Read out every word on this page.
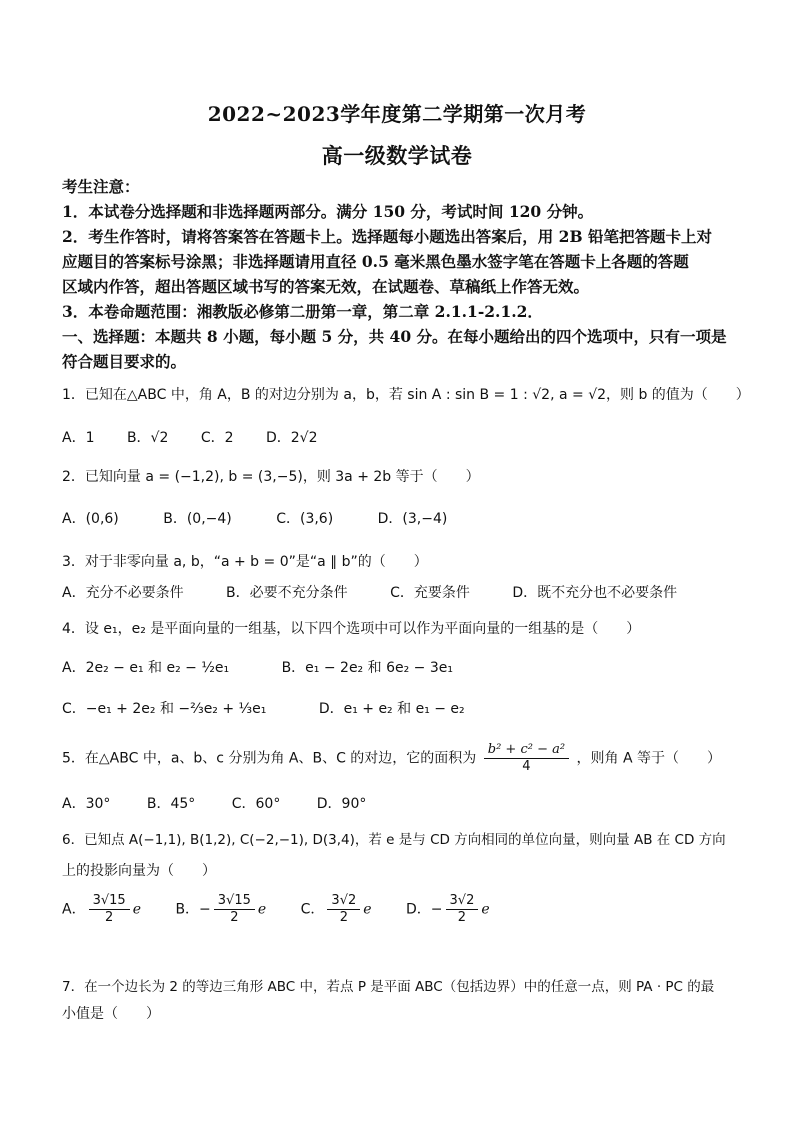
2022~2023学年度第二学期第一次月考
高一级数学试卷
考生注意：
1．本试卷分选择题和非选择题两部分。满分 150 分，考试时间 120 分钟。
2．考生作答时，请将答案答在答题卡上。选择题每小题选出答案后，用 2B 铅笔把答题卡上对
应题目的答案标号涂黑；非选择题请用直径 0.5 毫米黑色墨水签字笔在答题卡上各题的答题
区域内作答，超出答题区域书写的答案无效，在试题卷、草稿纸上作答无效。
3．本卷命题范围：湘教版必修第二册第一章，第二章 2.1.1-2.1.2．
一、选择题：本题共 8 小题，每小题 5 分，共 40 分。在每小题给出的四个选项中，只有一项是
符合题目要求的。
1．已知在△ABC 中，角 A，B 的对边分别为 a，b，若 sin A : sin B = 1 : √2, a = √2，则 b 的值为（　　）
A．1 B．√2 C．2 D．2√2
2．已知向量 a = (−1,2), b = (3,−5)，则 3a + 2b 等于（　　）
A．(0,6)	B．(0,−4)	C．(3,6)	D．(3,−4)
3．对于非零向量 a, b，“a + b = 0”是“a ∥ b”的（　　）
A．充分不必要条件	B．必要不充分条件	C．充要条件	D．既不充分也不必要条件
4．设 e₁，e₂ 是平面向量的一组基，以下四个选项中可以作为平面向量的一组基的是（　　）
A．2e₂ − e₁ 和 e₂ − ½e₁	B．e₁ − 2e₂ 和 6e₂ − 3e₁
C．−e₁ + 2e₂ 和 −⅔e₂ + ⅓e₁	D．e₁ + e₂ 和 e₁ − e₂
5．在△ABC 中，a、b、c 分别为角 A、B、C 的对边，它的面积为 $\frac{\text{b² + c² − a²}}{4}$ ，则角 A 等于（　　）
A．30°	B．45°	C．60°	D．90°
6．已知点 A(−1,1), B(1,2), C(−2,−1), D(3,4)，若 e 是与 CD 方向相同的单位向量，则向量 AB 在 CD 方向
上的投影向量为（　　）
A． $\frac{3√15}{2}$ e B．− $\frac{3√15}{2}$ e C． $\frac{3√2}{2}$ e D．− $\frac{3√2}{2}$ e
7．在一个边长为 2 的等边三角形 ABC 中，若点 P 是平面 ABC（包括边界）中的任意一点，则 PA · PC 的最
小值是（　　）
